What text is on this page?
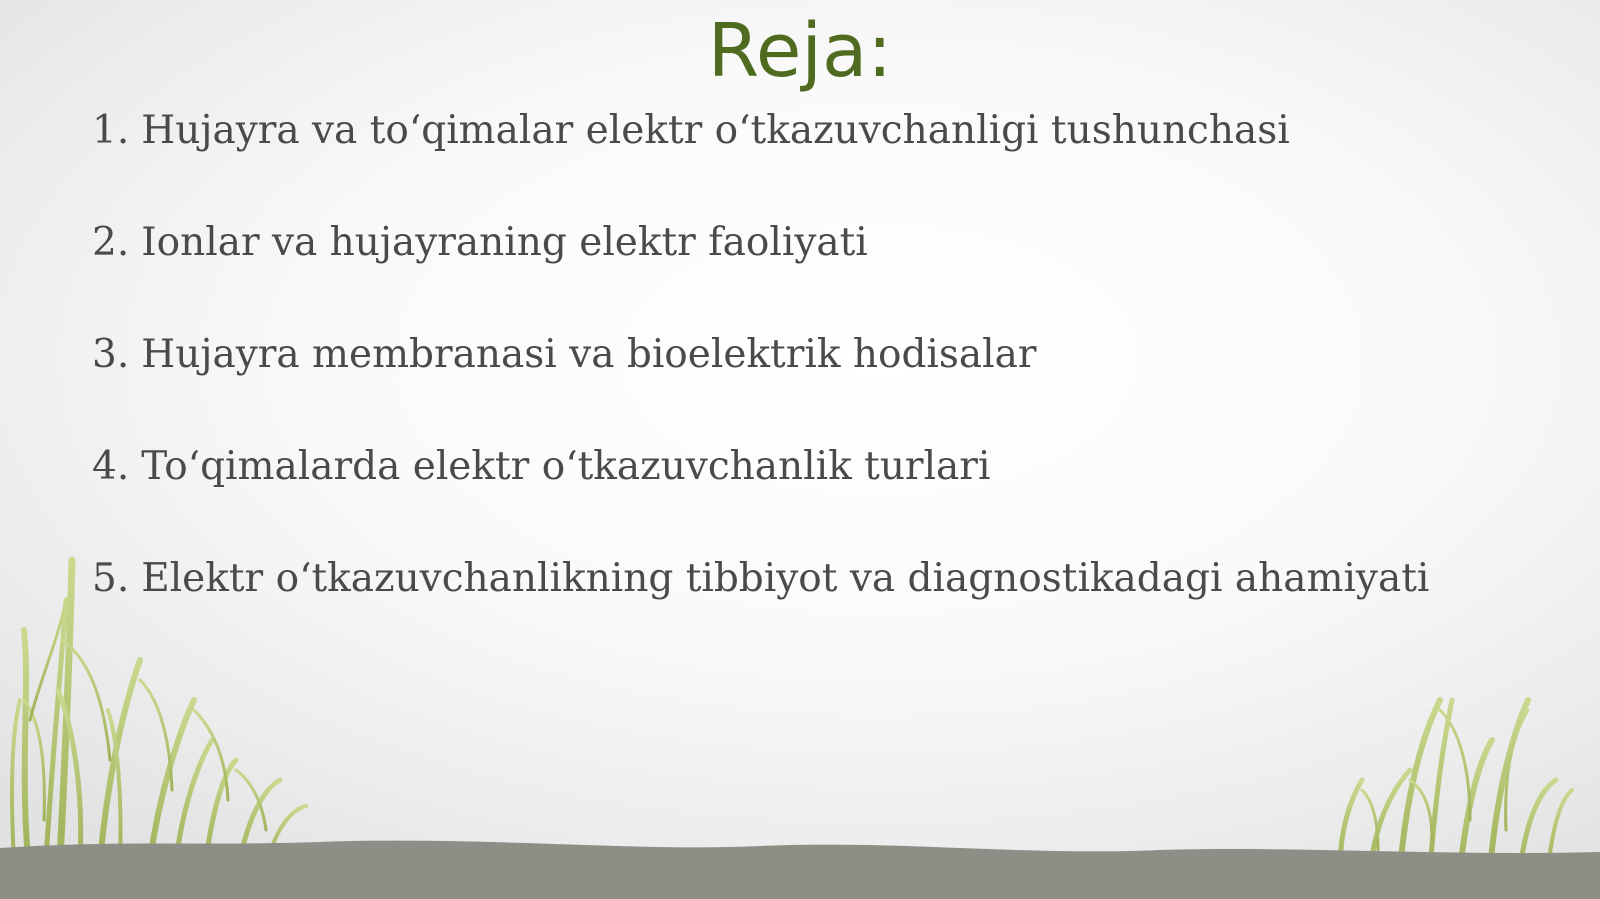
Reja:
1. Hujayra va to‘qimalar elektr o‘tkazuvchanligi tushunchasi
2. Ionlar va hujayraning elektr faoliyati
3. Hujayra membranasi va bioelektrik hodisalar
4. To‘qimalarda elektr o‘tkazuvchanlik turlari
5. Elektr o‘tkazuvchanlikning tibbiyot va diagnostikadagi ahamiyati
